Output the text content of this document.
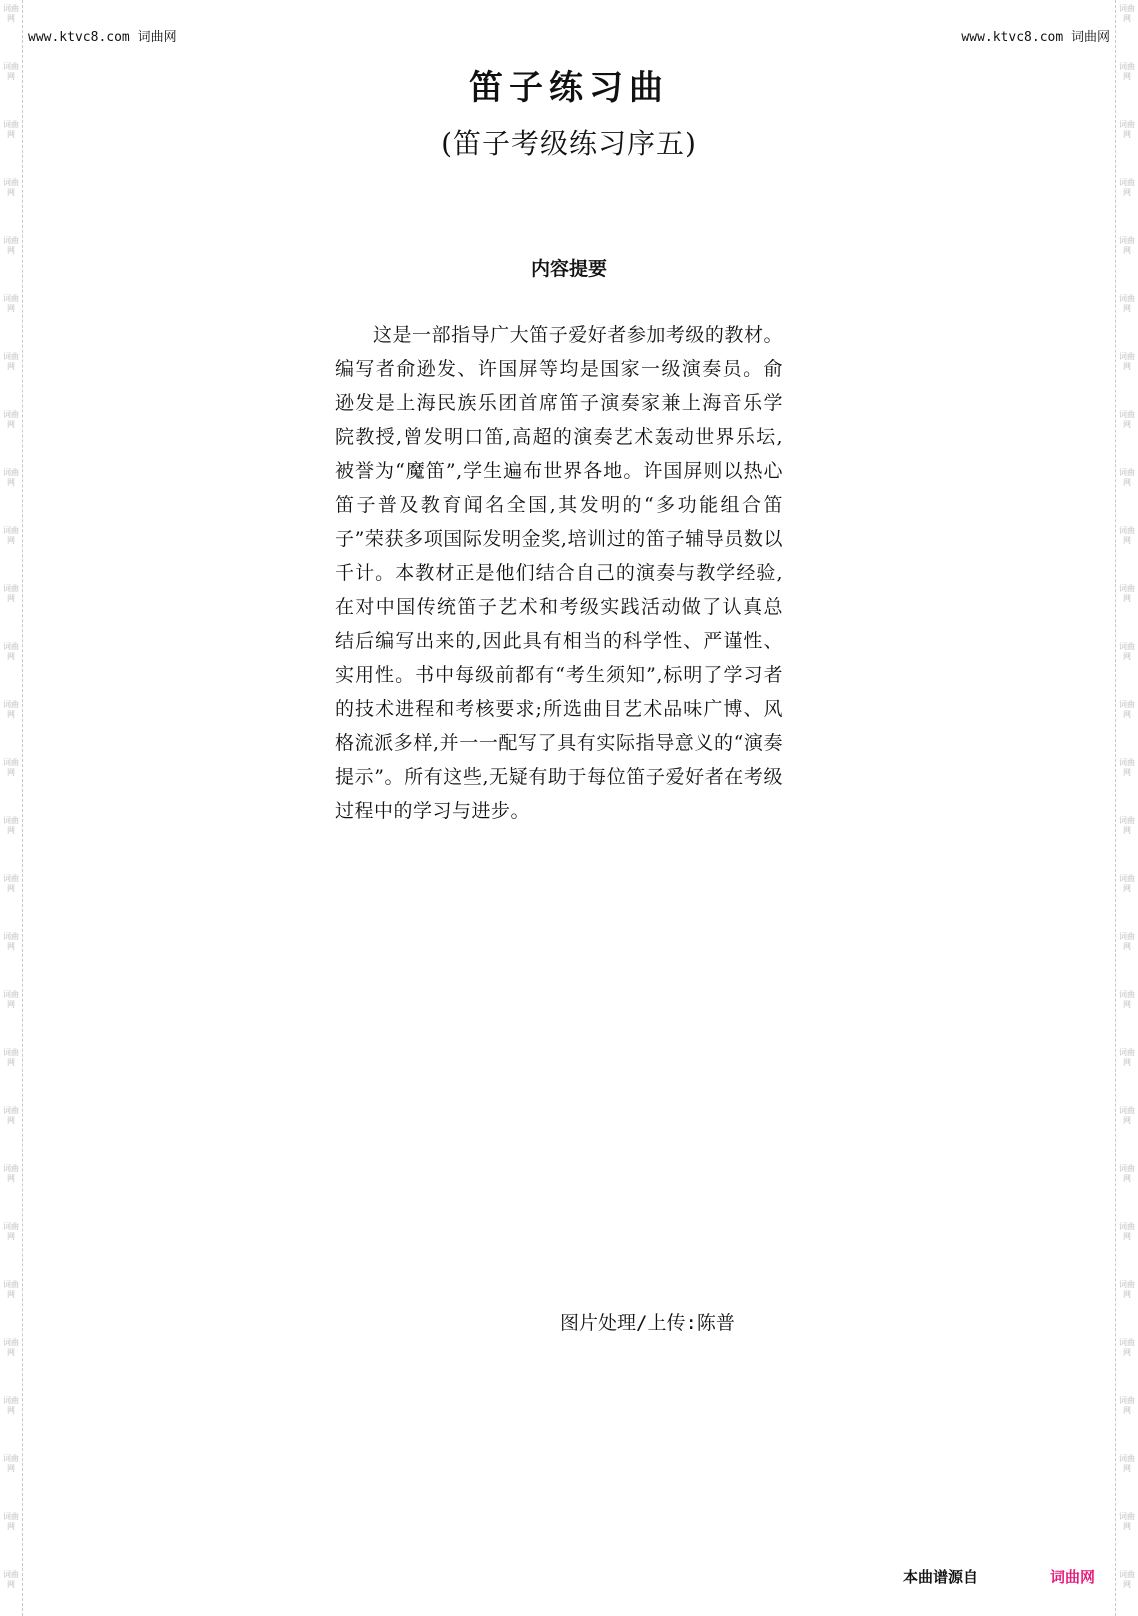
词曲网
词曲网
词曲网
词曲网
词曲网
词曲网
词曲网
词曲网
词曲网
词曲网
词曲网
词曲网
词曲网
词曲网
词曲网
词曲网
词曲网
词曲网
词曲网
词曲网
词曲网
词曲网
词曲网
词曲网
词曲网
词曲网
词曲网
词曲网
词曲网
词曲网
词曲网
词曲网
词曲网
词曲网
词曲网
词曲网
词曲网
词曲网
词曲网
词曲网
词曲网
词曲网
词曲网
词曲网
词曲网
词曲网
词曲网
词曲网
词曲网
词曲网
词曲网
词曲网
词曲网
词曲网
词曲网
词曲网
www.ktvc8.com 词曲网	www.ktvc8.com 词曲网
笛子练习曲
(笛子考级练习序五)
内容提要
这是一部指导广大笛子爱好者参加考级的教材。编写者俞逊发、许国屏等均是国家一级演奏员。俞逊发是上海民族乐团首席笛子演奏家兼上海音乐学院教授,曾发明口笛,高超的演奏艺术轰动世界乐坛,被誉为“魔笛”,学生遍布世界各地。许国屏则以热心笛子普及教育闻名全国,其发明的“多功能组合笛子”荣获多项国际发明金奖,培训过的笛子辅导员数以千计。本教材正是他们结合自己的演奏与教学经验,在对中国传统笛子艺术和考级实践活动做了认真总结后编写出来的,因此具有相当的科学性、严谨性、实用性。书中每级前都有“考生须知”,标明了学习者的技术进程和考核要求;所选曲目艺术品味广博、风格流派多样,并一一配写了具有实际指导意义的“演奏提示”。所有这些,无疑有助于每位笛子爱好者在考级过程中的学习与进步。
图片处理/上传:陈普
本曲谱源自	词曲网
